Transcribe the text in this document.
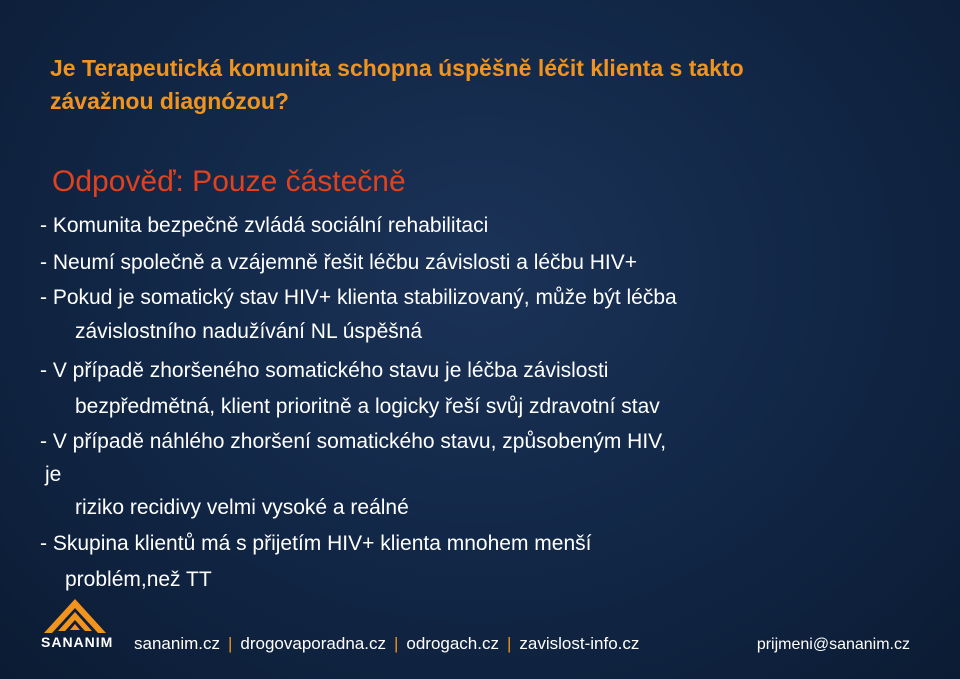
Je Terapeutická komunita schopna úspěšně léčit klienta s takto
závažnou diagnózou?
Odpověď: Pouze částečně
- Komunita bezpečně zvládá sociální rehabilitaci
- Neumí společně a vzájemně řešit léčbu závislosti a léčbu HIV+
- Pokud je somatický stav HIV+ klienta stabilizovaný, může být léčba
závislostního nadužívání NL úspěšná
- V případě zhoršeného somatického stavu je léčba závislosti
bezpředmětná, klient prioritně a logicky řeší svůj zdravotní stav
- V případě náhlého zhoršení somatického stavu, způsobeným HIV,
je
riziko recidivy velmi vysoké a reálné
- Skupina klientů má s přijetím HIV+ klienta mnohem menší
problém,než TT
SANANIM sananim.cz | drogovaporadna.cz | odrogach.cz | zavislost-info.cz	prijmeni@sananim.cz
